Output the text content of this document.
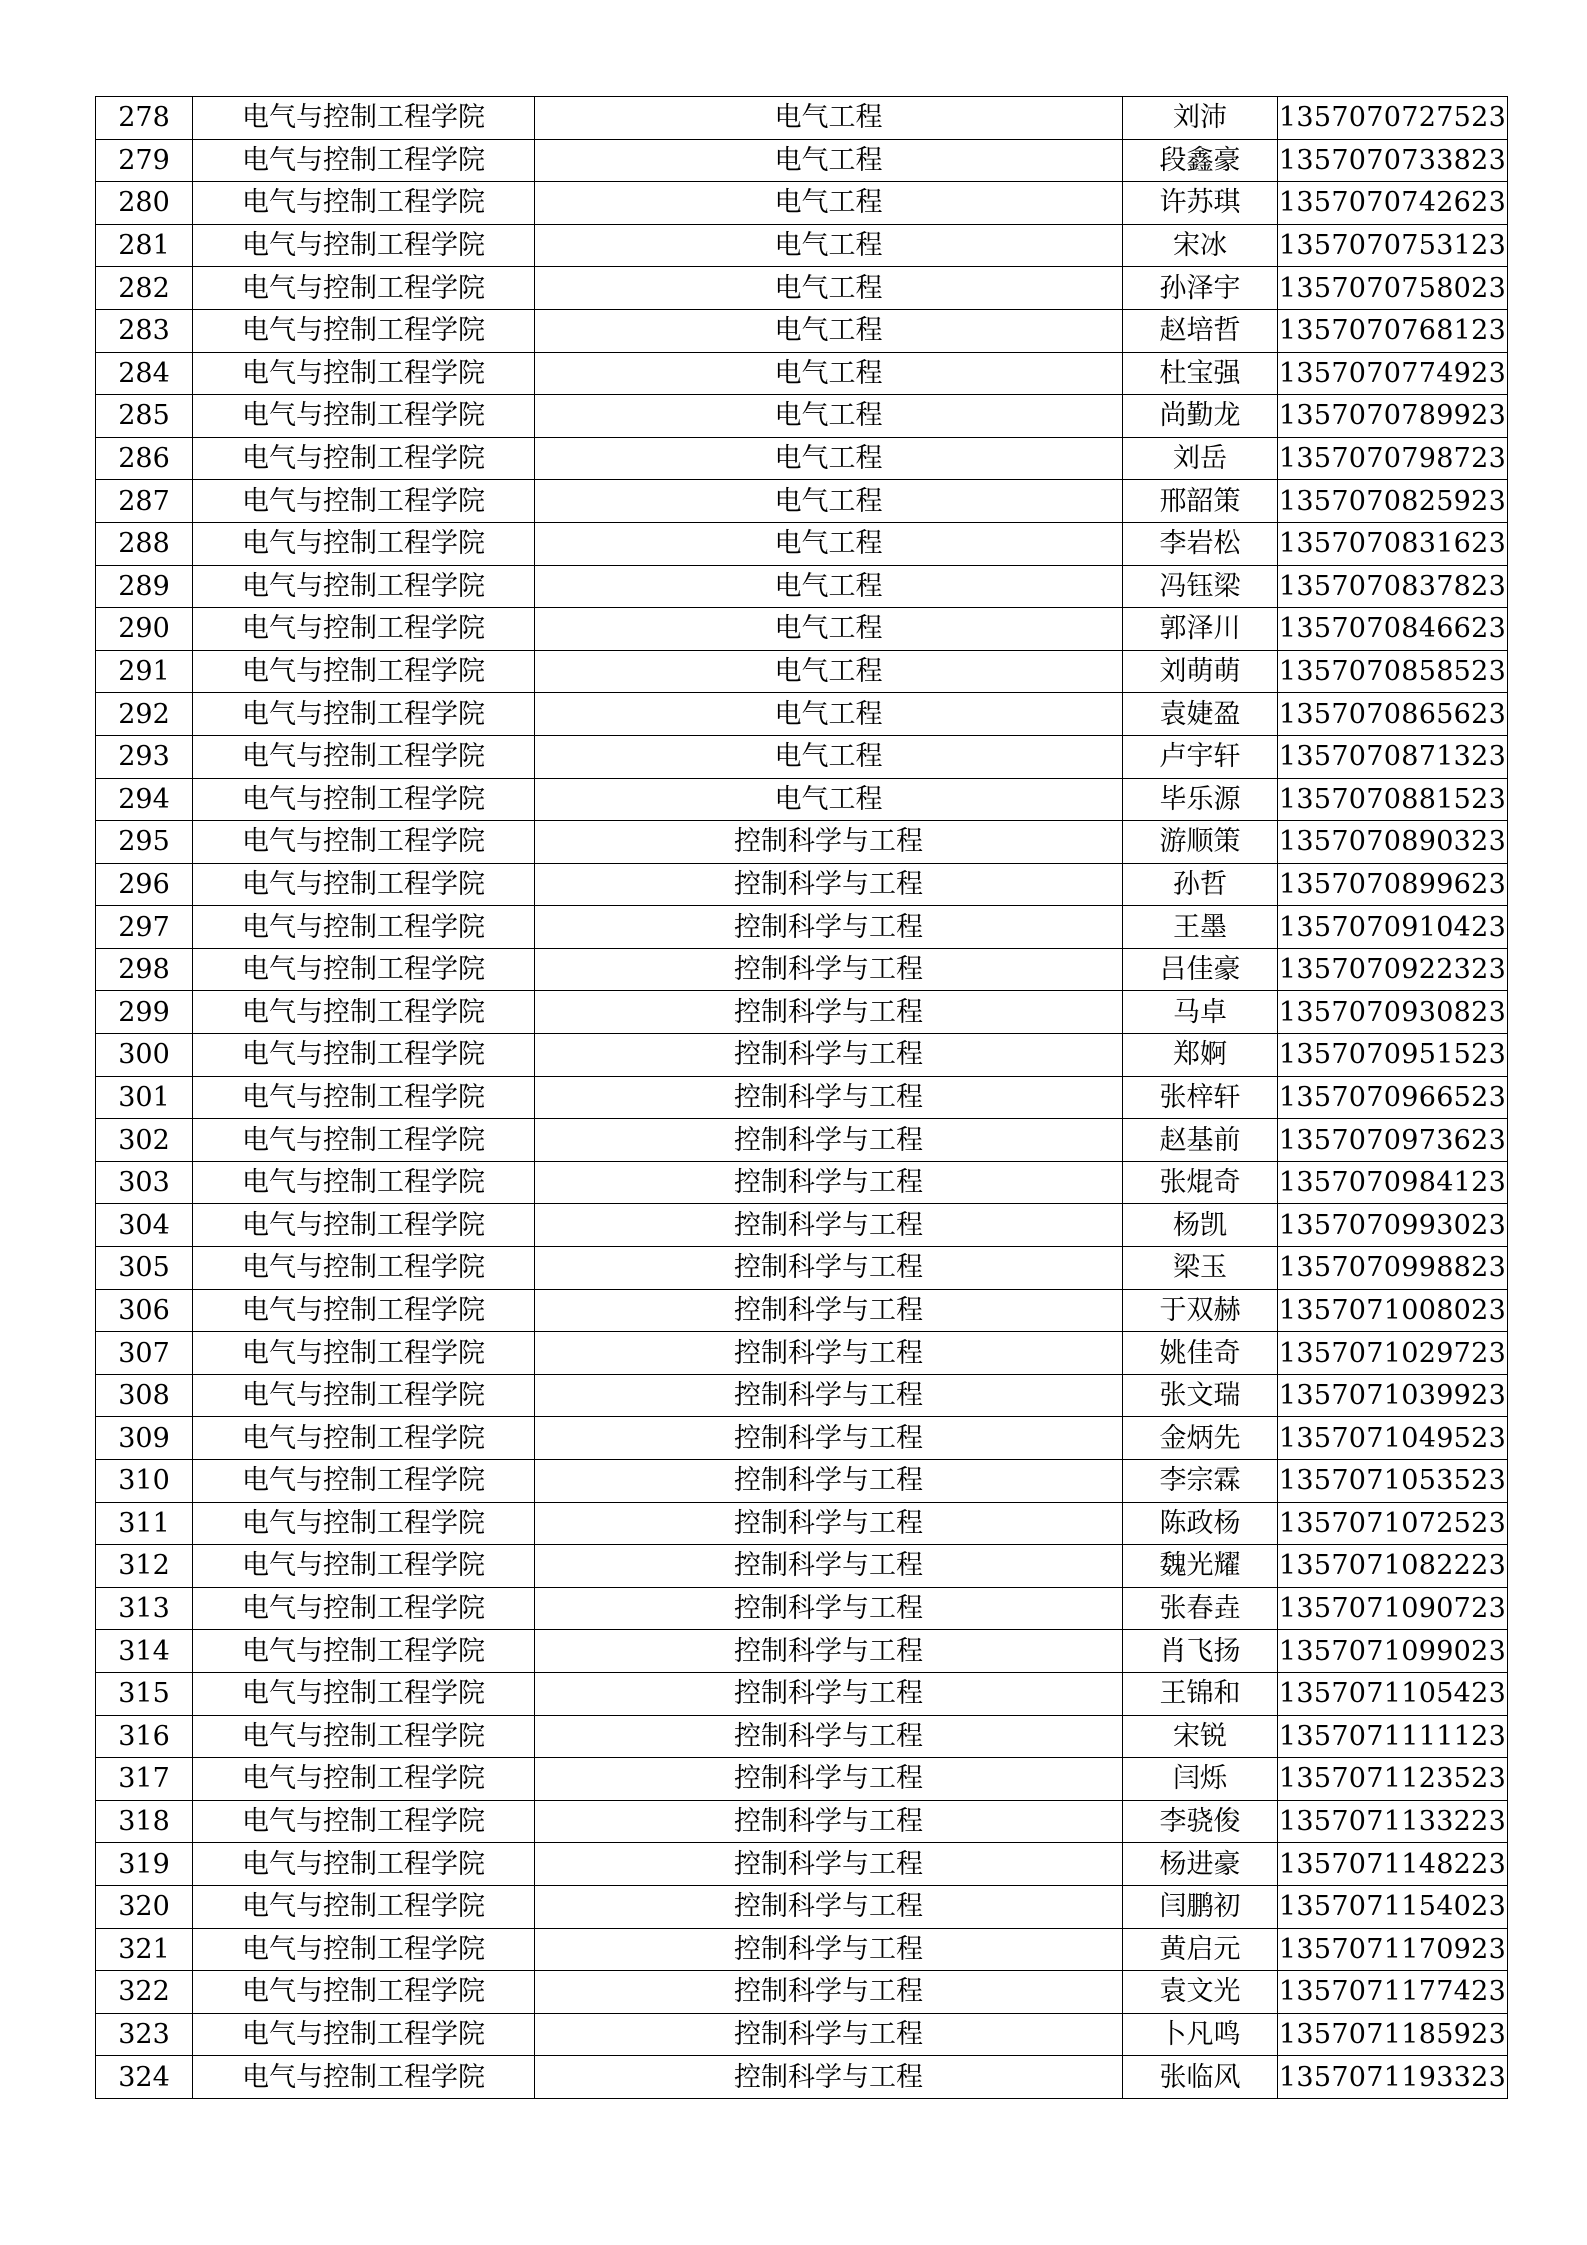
278	电气与控制工程学院	电气工程	刘沛	1357070727523
279	电气与控制工程学院	电气工程	段鑫豪	1357070733823
280	电气与控制工程学院	电气工程	许苏琪	1357070742623
281	电气与控制工程学院	电气工程	宋冰	1357070753123
282	电气与控制工程学院	电气工程	孙泽宇	1357070758023
283	电气与控制工程学院	电气工程	赵培哲	1357070768123
284	电气与控制工程学院	电气工程	杜宝强	1357070774923
285	电气与控制工程学院	电气工程	尚勤龙	1357070789923
286	电气与控制工程学院	电气工程	刘岳	1357070798723
287	电气与控制工程学院	电气工程	邢韶策	1357070825923
288	电气与控制工程学院	电气工程	李岩松	1357070831623
289	电气与控制工程学院	电气工程	冯钰梁	1357070837823
290	电气与控制工程学院	电气工程	郭泽川	1357070846623
291	电气与控制工程学院	电气工程	刘萌萌	1357070858523
292	电气与控制工程学院	电气工程	袁婕盈	1357070865623
293	电气与控制工程学院	电气工程	卢宇轩	1357070871323
294	电气与控制工程学院	电气工程	毕乐源	1357070881523
295	电气与控制工程学院	控制科学与工程	游顺策	1357070890323
296	电气与控制工程学院	控制科学与工程	孙哲	1357070899623
297	电气与控制工程学院	控制科学与工程	王墨	1357070910423
298	电气与控制工程学院	控制科学与工程	吕佳豪	1357070922323
299	电气与控制工程学院	控制科学与工程	马卓	1357070930823
300	电气与控制工程学院	控制科学与工程	郑婀	1357070951523
301	电气与控制工程学院	控制科学与工程	张梓轩	1357070966523
302	电气与控制工程学院	控制科学与工程	赵基前	1357070973623
303	电气与控制工程学院	控制科学与工程	张焜奇	1357070984123
304	电气与控制工程学院	控制科学与工程	杨凯	1357070993023
305	电气与控制工程学院	控制科学与工程	梁玉	1357070998823
306	电气与控制工程学院	控制科学与工程	于双赫	1357071008023
307	电气与控制工程学院	控制科学与工程	姚佳奇	1357071029723
308	电气与控制工程学院	控制科学与工程	张文瑞	1357071039923
309	电气与控制工程学院	控制科学与工程	金炳先	1357071049523
310	电气与控制工程学院	控制科学与工程	李宗霖	1357071053523
311	电气与控制工程学院	控制科学与工程	陈政杨	1357071072523
312	电气与控制工程学院	控制科学与工程	魏光耀	1357071082223
313	电气与控制工程学院	控制科学与工程	张春垚	1357071090723
314	电气与控制工程学院	控制科学与工程	肖飞扬	1357071099023
315	电气与控制工程学院	控制科学与工程	王锦和	1357071105423
316	电气与控制工程学院	控制科学与工程	宋锐	1357071111123
317	电气与控制工程学院	控制科学与工程	闫烁	1357071123523
318	电气与控制工程学院	控制科学与工程	李骁俊	1357071133223
319	电气与控制工程学院	控制科学与工程	杨进豪	1357071148223
320	电气与控制工程学院	控制科学与工程	闫鹏初	1357071154023
321	电气与控制工程学院	控制科学与工程	黄启元	1357071170923
322	电气与控制工程学院	控制科学与工程	袁文光	1357071177423
323	电气与控制工程学院	控制科学与工程	卜凡鸣	1357071185923
324	电气与控制工程学院	控制科学与工程	张临风	1357071193323
